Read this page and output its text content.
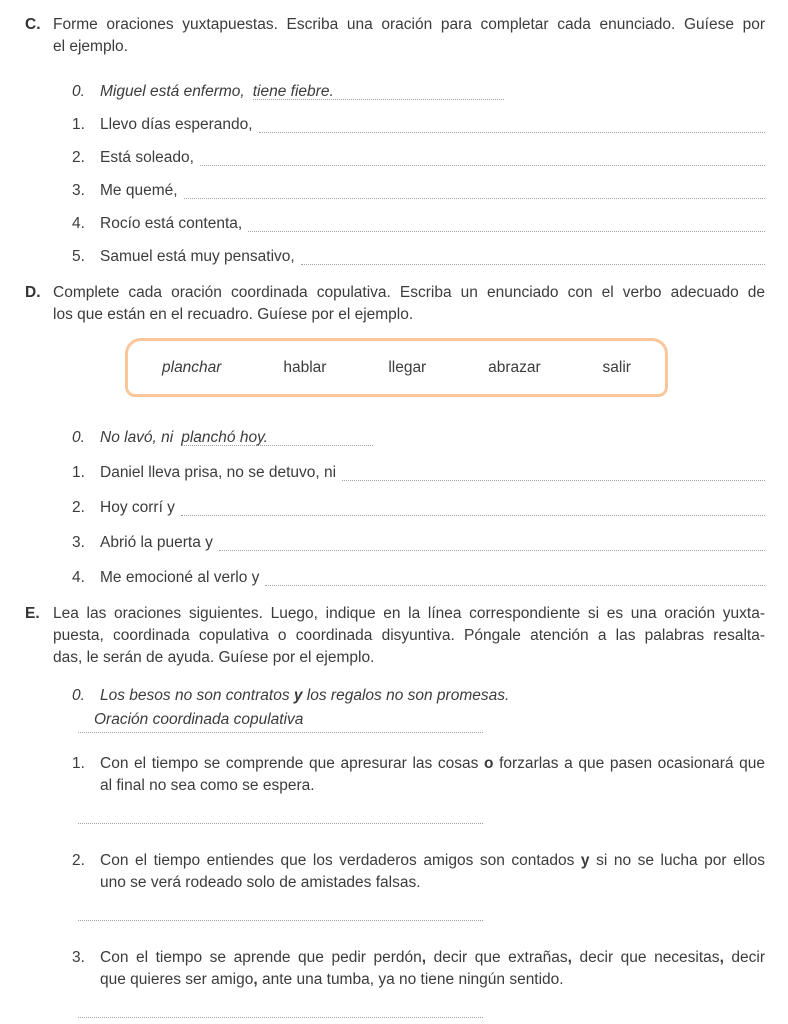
C. Forme oraciones yuxtapuestas. Escriba una oración para completar cada enunciado. Guíese por
el ejemplo.
0. Miguel está enfermo, tiene fiebre.
1. Llevo días esperando,
2. Está soleado,
3. Me quemé,
4. Rocío está contenta,
5. Samuel está muy pensativo,
D. Complete cada oración coordinada copulativa. Escriba un enunciado con el verbo adecuado de
los que están en el recuadro. Guíese por el ejemplo.
planchar	hablar	llegar	abrazar	salir
0. No lavó, ni planchó hoy.
1. Daniel lleva prisa, no se detuvo, ni
2. Hoy corrí y
3. Abrió la puerta y
4. Me emocioné al verlo y
E. Lea las oraciones siguientes. Luego, indique en la línea correspondiente si es una oración yuxta-
puesta, coordinada copulativa o coordinada disyuntiva. Póngale atención a las palabras resalta-
das, le serán de ayuda. Guíese por el ejemplo.
0. Los besos no son contratos y los regalos no son promesas.
Oración coordinada copulativa
1. Con el tiempo se comprende que apresurar las cosas o forzarlas a que pasen ocasionará que
al final no sea como se espera.
2. Con el tiempo entiendes que los verdaderos amigos son contados y si no se lucha por ellos
uno se verá rodeado solo de amistades falsas.
3. Con el tiempo se aprende que pedir perdón, decir que extrañas, decir que necesitas, decir
que quieres ser amigo, ante una tumba, ya no tiene ningún sentido.
